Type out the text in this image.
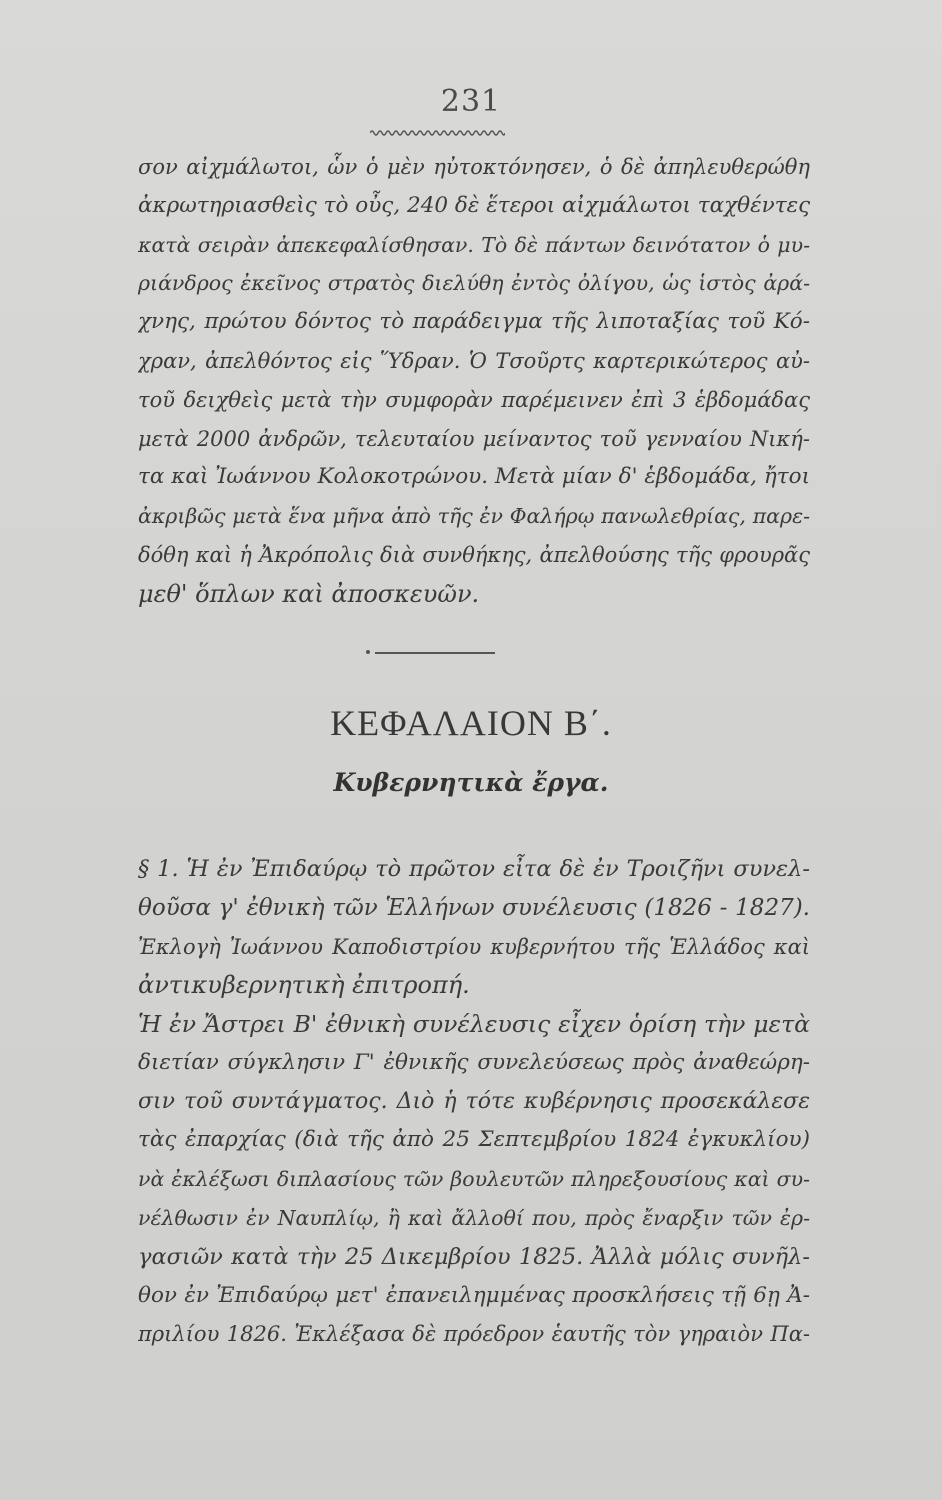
231
σον αἰχμάλωτοι, ὧν ὁ μὲν ηὐτοκτόνησεν, ὁ δὲ ἀπηλευθερώθη
ἀκρωτηριασθεὶς τὸ οὖς, 240 δὲ ἕτεροι αἰχμάλωτοι ταχθέντες
κατὰ σειρὰν ἀπεκεφαλίσθησαν. Τὸ δὲ πάντων δεινότατον ὁ μυ-
ριάνδρος ἐκεῖνος στρατὸς διελύθη ἐντὸς ὀλίγου, ὡς ἱστὸς ἀρά-
χνης, πρώτου δόντος τὸ παράδειγμα τῆς λιποταξίας τοῦ Κό-
χραν, ἀπελθόντος εἰς Ὕδραν. Ὁ Τσοῦρτς καρτερικώτερος αὐ-
τοῦ δειχθεὶς μετὰ τὴν συμφορὰν παρέμεινεν ἐπὶ 3 ἑβδομάδας
μετὰ 2000 ἀνδρῶν, τελευταίου μείναντος τοῦ γενναίου Νική-
τα καὶ Ἰωάννου Κολοκοτρώνου. Μετὰ μίαν δ' ἑβδομάδα, ἤτοι
ἀκριβῶς μετὰ ἕνα μῆνα ἀπὸ τῆς ἐν Φαλήρῳ πανωλεθρίας, παρε-
δόθη καὶ ἡ Ἀκρόπολις διὰ συνθήκης, ἀπελθούσης τῆς φρουρᾶς
μεθ' ὅπλων καὶ ἀποσκευῶν.
ΚΕΦΑΛΑΙΟΝ Β΄.
Κυβερνητικὰ ἔργα.
§ 1. Ἡ ἐν Ἐπιδαύρῳ τὸ πρῶτον εἶτα δὲ ἐν Τροιζῆνι συνελ-
θοῦσα γ' ἐθνικὴ τῶν Ἑλλήνων συνέλευσις (1826 - 1827).
Ἐκλογὴ Ἰωάννου Καποδιστρίου κυβερνήτου τῆς Ἑλλάδος καὶ
ἀντικυβερνητικὴ ἐπιτροπή.
Ἡ ἐν Ἄστρει Β' ἐθνικὴ συνέλευσις εἶχεν ὁρίση τὴν μετὰ
διετίαν σύγκλησιν Γ' ἐθνικῆς συνελεύσεως πρὸς ἀναθεώρη-
σιν τοῦ συντάγματος. Διὸ ἡ τότε κυβέρνησις προσεκάλεσε
τὰς ἐπαρχίας (διὰ τῆς ἀπὸ 25 Σεπτεμβρίου 1824 ἐγκυκλίου)
νὰ ἐκλέξωσι διπλασίους τῶν βουλευτῶν πληρεξουσίους καὶ συ-
νέλθωσιν ἐν Ναυπλίῳ, ἢ καὶ ἄλλοθί που, πρὸς ἔναρξιν τῶν ἐρ-
γασιῶν κατὰ τὴν 25 Δικεμβρίου 1825. Ἀλλὰ μόλις συνῆλ-
θον ἐν Ἐπιδαύρῳ μετ' ἐπανειλημμένας προσκλήσεις τῇ 6ῃ Ἀ-
πριλίου 1826. Ἐκλέξασα δὲ πρόεδρον ἑαυτῆς τὸν γηραιὸν Πα-
